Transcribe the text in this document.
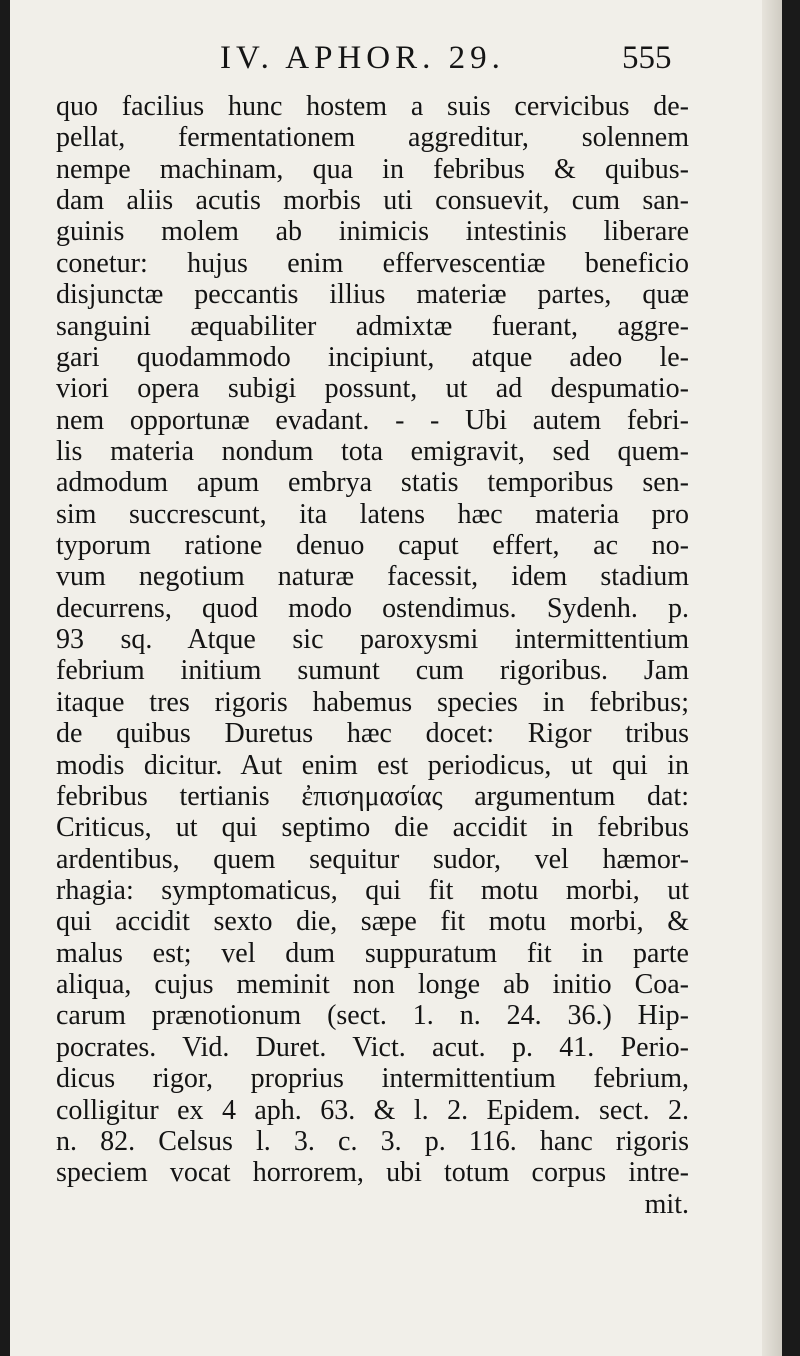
IV. APHOR. 29.	555
quo facilius hunc hostem a suis cervicibus de-
pellat, fermentationem aggreditur, solennem
nempe machinam, qua in febribus & quibus-
dam aliis acutis morbis uti consuevit, cum san-
guinis molem ab inimicis intestinis liberare
conetur: hujus enim effervescentiæ beneficio
disjunctæ peccantis illius materiæ partes, quæ
sanguini æquabiliter admixtæ fuerant, aggre-
gari quodammodo incipiunt, atque adeo le-
viori opera subigi possunt, ut ad despumatio-
nem opportunæ evadant. - - Ubi autem febri-
lis materia nondum tota emigravit, sed quem-
admodum apum embrya statis temporibus sen-
sim succrescunt, ita latens hæc materia pro
typorum ratione denuo caput effert, ac no-
vum negotium naturæ facessit, idem stadium
decurrens, quod modo ostendimus. Sydenh. p.
93 sq. Atque sic paroxysmi intermittentium
febrium initium sumunt cum rigoribus. Jam
itaque tres rigoris habemus species in febribus;
de quibus Duretus hæc docet: Rigor tribus
modis dicitur. Aut enim est periodicus, ut qui in
febribus tertianis ἐπισημασίας argumentum dat:
Criticus, ut qui septimo die accidit in febribus
ardentibus, quem sequitur sudor, vel hæmor-
rhagia: symptomaticus, qui fit motu morbi, ut
qui accidit sexto die, sæpe fit motu morbi, &
malus est; vel dum suppuratum fit in parte
aliqua, cujus meminit non longe ab initio Coa-
carum prænotionum (sect. 1. n. 24. 36.) Hip-
pocrates. Vid. Duret. Vict. acut. p. 41. Perio-
dicus rigor, proprius intermittentium febrium,
colligitur ex 4 aph. 63. & l. 2. Epidem. sect. 2.
n. 82. Celsus l. 3. c. 3. p. 116. hanc rigoris
speciem vocat horrorem, ubi totum corpus intre-
mit.
